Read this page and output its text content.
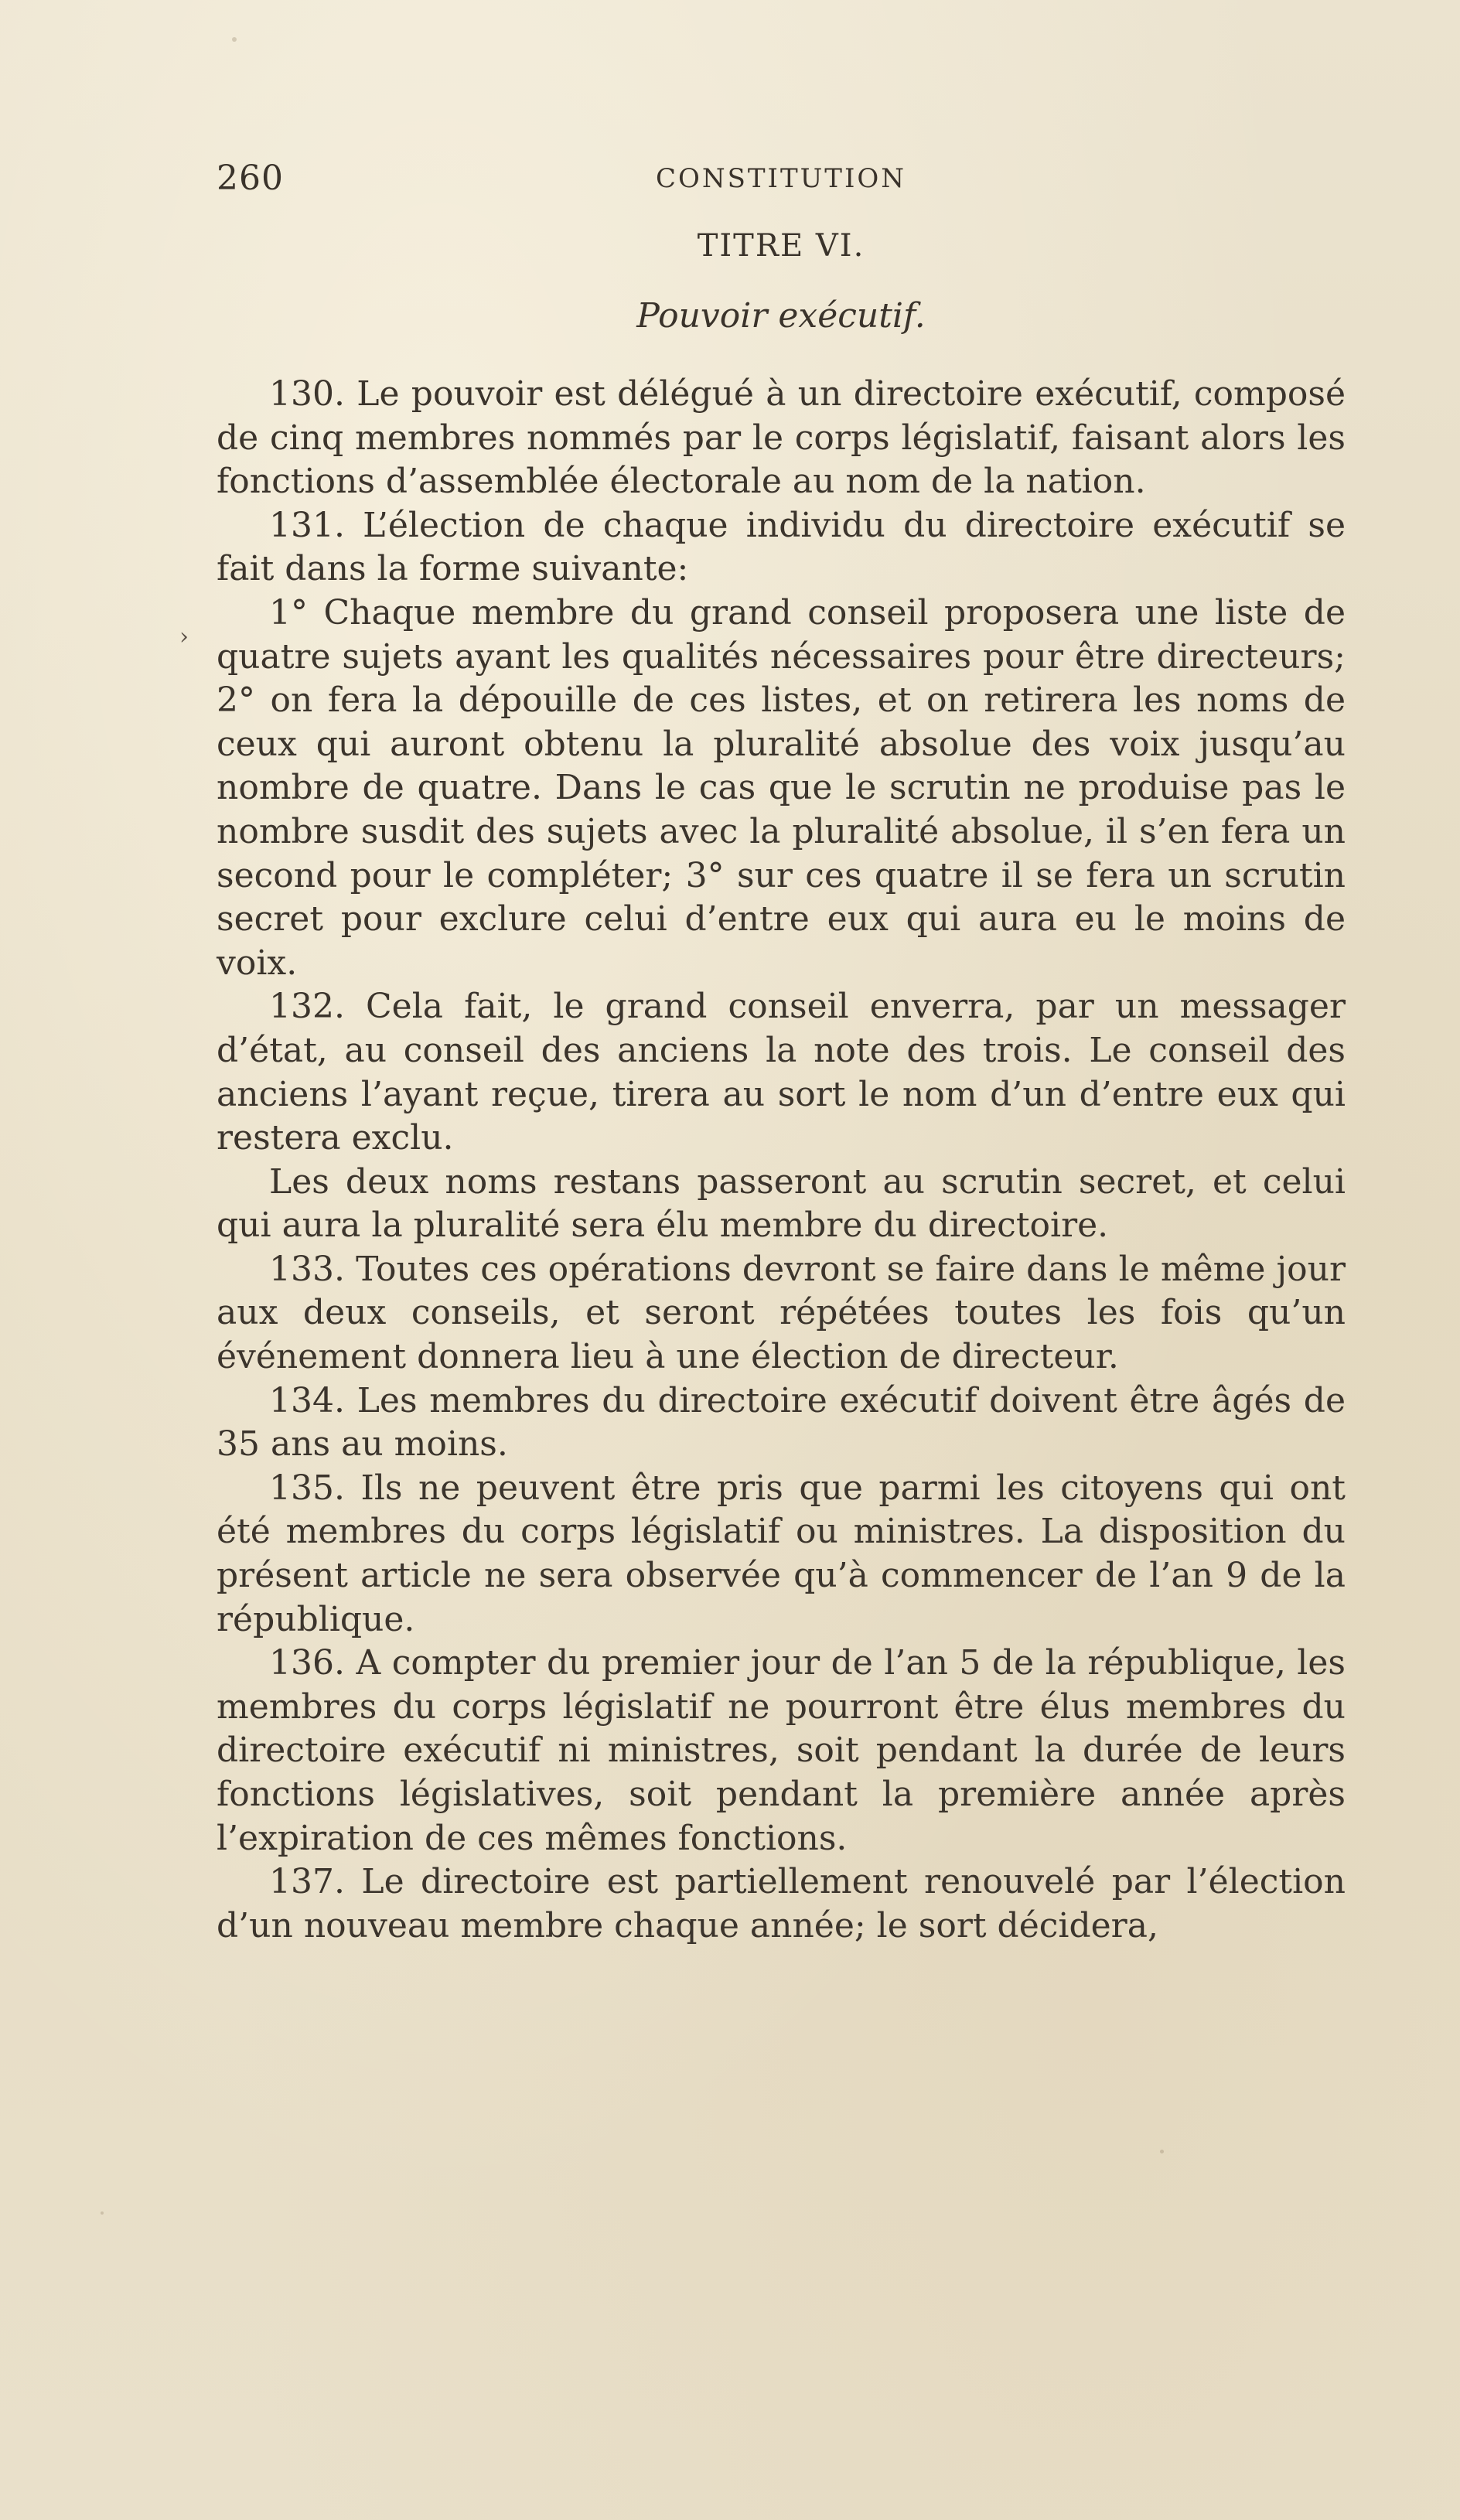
260	CONSTITUTION
TITRE VI.
Pouvoir exécutif.
›

130. Le pouvoir est délégué à un directoire exécutif, composé de cinq membres nommés par le corps législatif, faisant alors les fonctions d’assemblée électorale au nom de la nation.

131. L’élection de chaque individu du directoire exécutif se fait dans la forme suivante:

1° Chaque membre du grand conseil proposera une liste de quatre sujets ayant les qualités nécessaires pour être directeurs; 2° on fera la dépouille de ces listes, et on retirera les noms de ceux qui auront obtenu la pluralité absolue des voix jusqu’au nombre de quatre. Dans le cas que le scrutin ne produise pas le nombre susdit des sujets avec la pluralité absolue, il s’en fera un second pour le compléter; 3° sur ces quatre il se fera un scrutin secret pour exclure celui d’entre eux qui aura eu le moins de voix.

132. Cela fait, le grand conseil enverra, par un messager d’état, au conseil des anciens la note des trois. Le conseil des anciens l’ayant reçue, tirera au sort le nom d’un d’entre eux qui restera exclu.

Les deux noms restans passeront au scrutin secret, et celui qui aura la pluralité sera élu membre du directoire.

133. Toutes ces opérations devront se faire dans le même jour aux deux conseils, et seront répétées toutes les fois qu’un événement donnera lieu à une élection de directeur.

134. Les membres du directoire exécutif doivent être âgés de 35 ans au moins.

135. Ils ne peuvent être pris que parmi les citoyens qui ont été membres du corps législatif ou ministres. La disposition du présent article ne sera observée qu’à commencer de l’an 9 de la république.

136. A compter du premier jour de l’an 5 de la république, les membres du corps législatif ne pourront être élus membres du directoire exécutif ni ministres, soit pendant la durée de leurs fonctions législatives, soit pendant la première année après l’expiration de ces mêmes fonctions.

137. Le directoire est partiellement renouvelé par l’élection d’un nouveau membre chaque année; le sort décidera,
